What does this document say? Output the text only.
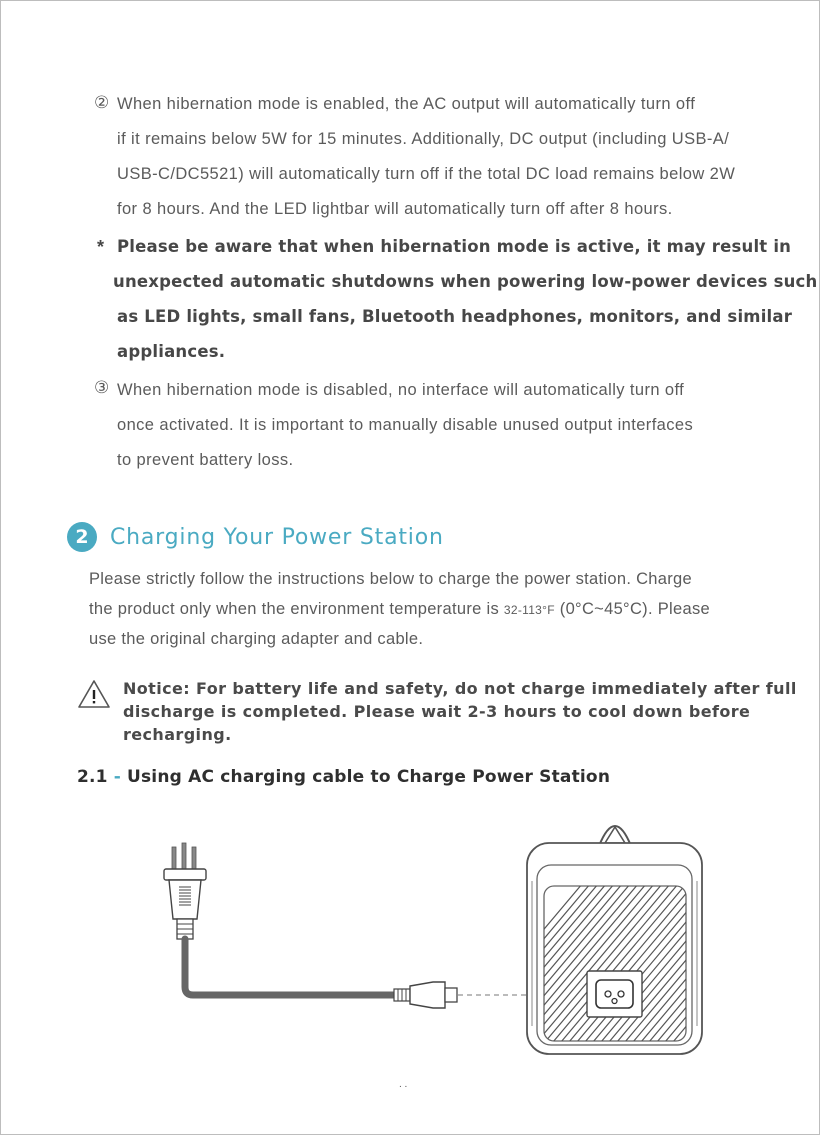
② When hibernation mode is enabled, the AC output will automatically turn off
if it remains below 5W for 15 minutes. Additionally, DC output (including USB-A/
USB-C/DC5521) will automatically turn off if the total DC load remains below 2W
for 8 hours. And the LED lightbar will automatically turn off after 8 hours.
* Please be aware that when hibernation mode is active, it may result in
unexpected automatic shutdowns when powering low-power devices such
as LED lights, small fans, Bluetooth headphones, monitors, and similar
appliances.
③ When hibernation mode is disabled, no interface will automatically turn off
once activated. It is important to manually disable unused output interfaces
to prevent battery loss.
2 Charging Your Power Station
Please strictly follow the instructions below to charge the power station. Charge
the product only when the environment temperature is 32-113°F (0°C~45°C). Please
use the original charging adapter and cable.
Notice: For battery life and safety, do not charge immediately after full
discharge is completed. Please wait 2-3 hours to cool down before
recharging.
2.1 - Using AC charging cable to Charge Power Station
. .
